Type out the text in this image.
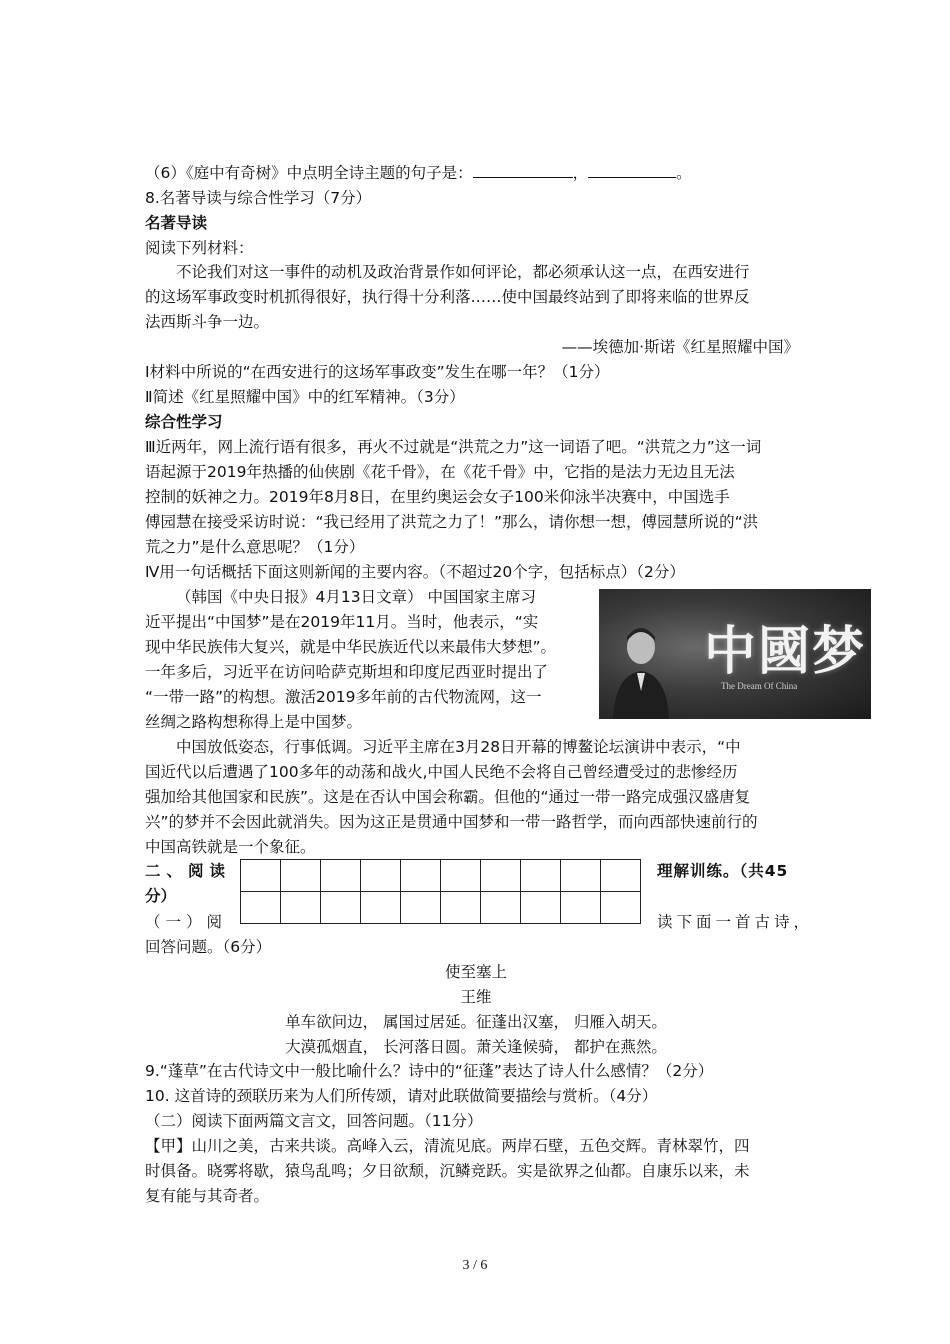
（6）《庭中有奇树》中点明全诗主题的句子是：	，	。
8.名著导读与综合性学习（7分）
名著导读
阅读下列材料：
不论我们对这一事件的动机及政治背景作如何评论，都必须承认这一点，在西安进行
的这场军事政变时机抓得很好，执行得十分利落……使中国最终站到了即将来临的世界反
法西斯斗争一边。
——埃德加·斯诺《红星照耀中国》
Ⅰ材料中所说的“在西安进行的这场军事政变”发生在哪一年？（1分）
Ⅱ简述《红星照耀中国》中的红军精神。（3分）
综合性学习
Ⅲ近两年，网上流行语有很多，再火不过就是“洪荒之力”这一词语了吧。“洪荒之力”这一词
语起源于2019年热播的仙侠剧《花千骨》，在《花千骨》中，它指的是法力无边且无法
控制的妖神之力。2019年8月8日，在里约奥运会女子100米仰泳半决赛中，中国选手
傅园慧在接受采访时说：“我已经用了洪荒之力了！”那么，请你想一想，傅园慧所说的“洪
荒之力”是什么意思呢？（1分）
Ⅳ用一句话概括下面这则新闻的主要内容。（不超过20个字，包括标点）（2分）
（韩国《中央日报》4月13日文章） 中国国家主席习
近平提出“中国梦”是在2019年11月。当时，他表示，“实
现中华民族伟大复兴，就是中华民族近代以来最伟大梦想”。
一年多后，习近平在访问哈萨克斯坦和印度尼西亚时提出了
“一带一路”的构想。激活2019多年前的古代物流网，这一
丝绸之路构想称得上是中国梦。
中國梦
The Dream Of China
中国放低姿态，行事低调。习近平主席在3月28日开幕的博鳌论坛演讲中表示，“中
国近代以后遭遇了100多年的动荡和战火,中国人民绝不会将自己曾经遭受过的悲惨经历
强加给其他国家和民族”。这是在否认中国会称霸。但他的“通过一带一路完成强汉盛唐复
兴”的梦并不会因此就消失。因为这正是贯通中国梦和一带一路哲学，而向西部快速前行的
中国高铁就是一个象征。
二、阅读	理解训练。（共45
分）
（一）阅	读下面一首古诗，
回答问题。（6分）

使至塞上
王维
单车欲问边， 属国过居延。征蓬出汉塞， 归雁入胡天。
大漠孤烟直， 长河落日圆。萧关逢候骑， 都护在燕然。
9.“蓬草”在古代诗文中一般比喻什么？诗中的“征蓬”表达了诗人什么感情？（2分）
10. 这首诗的颈联历来为人们所传颂，请对此联做简要描绘与赏析。（4分）
（二）阅读下面两篇文言文，回答问题。（11分）
【甲】山川之美，古来共谈。高峰入云，清流见底。两岸石壁，五色交辉。青林翠竹，四
时俱备。晓雾将歇，猿鸟乱鸣；夕日欲颓，沉鳞竞跃。实是欲界之仙都。自康乐以来，未
复有能与其奇者。
3 / 6
